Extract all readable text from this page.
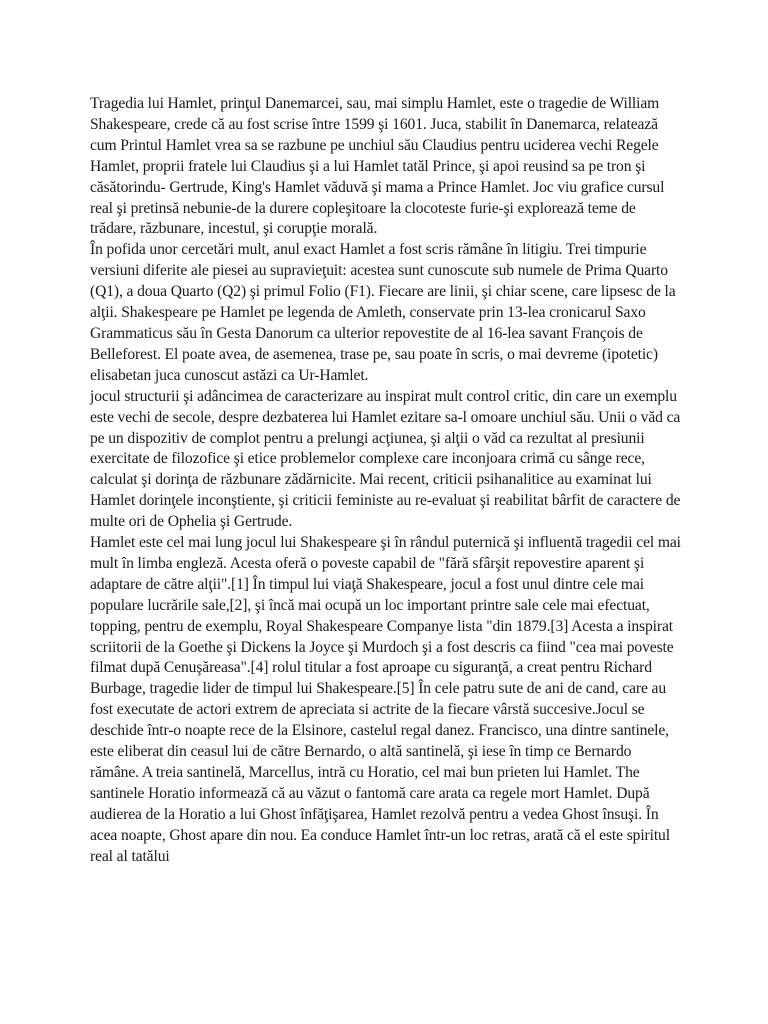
Tragedia lui Hamlet, prinţul Danemarcei, sau, mai simplu Hamlet, este o tragedie de William Shakespeare, crede că au fost scrise între 1599 şi 1601. Juca, stabilit în Danemarca, relatează cum Printul Hamlet vrea sa se razbune pe unchiul său Claudius pentru uciderea vechi Regele Hamlet, proprii fratele lui Claudius şi a lui Hamlet tatăl Prince, şi apoi reusind sa pe tron şi căsătorindu- Gertrude, King's Hamlet văduvă şi mama a Prince Hamlet. Joc viu grafice cursul real şi pretinsă nebunie-de la durere copleşitoare la clocoteste furie-şi explorează teme de trădare, răzbunare, incestul, şi corupţie morală.

În pofida unor cercetări mult, anul exact Hamlet a fost scris rămâne în litigiu. Trei timpurie versiuni diferite ale piesei au supravieţuit: acestea sunt cunoscute sub numele de Prima Quarto (Q1), a doua Quarto (Q2) şi primul Folio (F1). Fiecare are linii, şi chiar scene, care lipsesc de la alţii. Shakespeare pe Hamlet pe legenda de Amleth, conservate prin 13-lea cronicarul Saxo Grammaticus său în Gesta Danorum ca ulterior repovestite de al 16-lea savant François de Belleforest. El poate avea, de asemenea, trase pe, sau poate în scris, o mai devreme (ipotetic) elisabetan juca cunoscut astăzi ca Ur-Hamlet.

jocul structurii şi adâncimea de caracterizare au inspirat mult control critic, din care un exemplu este vechi de secole, despre dezbaterea lui Hamlet ezitare sa-l omoare unchiul său. Unii o văd ca pe un dispozitiv de complot pentru a prelungi acţiunea, şi alţii o văd ca rezultat al presiunii exercitate de filozofice şi etice problemelor complexe care inconjoara crimă cu sânge rece, calculat şi dorinţa de răzbunare zădărnicite. Mai recent, criticii psihanalitice au examinat lui Hamlet dorinţele inconştiente, şi criticii feministe au re-evaluat şi reabilitat bârfit de caractere de multe ori de Ophelia şi Gertrude.

Hamlet este cel mai lung jocul lui Shakespeare şi în rândul puternică şi influentă tragedii cel mai mult în limba engleză. Acesta oferă o poveste capabil de "fără sfârşit repovestire aparent şi adaptare de către alţii".[1] În timpul lui viaţă Shakespeare, jocul a fost unul dintre cele mai populare lucrările sale,[2], şi încă mai ocupă un loc important printre sale cele mai efectuat, topping, pentru de exemplu, Royal Shakespeare Companye lista "din 1879.[3] Acesta a inspirat scriitorii de la Goethe şi Dickens la Joyce şi Murdoch şi a fost descris ca fiind "cea mai poveste filmat după Cenuşăreasa".[4] rolul titular a fost aproape cu siguranţă, a creat pentru Richard Burbage, tragedie lider de timpul lui Shakespeare.[5] În cele patru sute de ani de cand, care au fost executate de actori extrem de apreciata si actrite de la fiecare vârstă succesive.Jocul se deschide într-o noapte rece de la Elsinore, castelul regal danez. Francisco, una dintre santinele, este eliberat din ceasul lui de către Bernardo, o altă santinelă, şi iese în timp ce Bernardo rămâne. A treia santinelă, Marcellus, intră cu Horatio, cel mai bun prieten lui Hamlet. The santinele Horatio informează că au văzut o fantomă care arata ca regele mort Hamlet. După audierea de la Horatio a lui Ghost înfăţişarea, Hamlet rezolvă pentru a vedea Ghost însuşi. În acea noapte, Ghost apare din nou. Ea conduce Hamlet într-un loc retras, arată că el este spiritul real al tatălui
